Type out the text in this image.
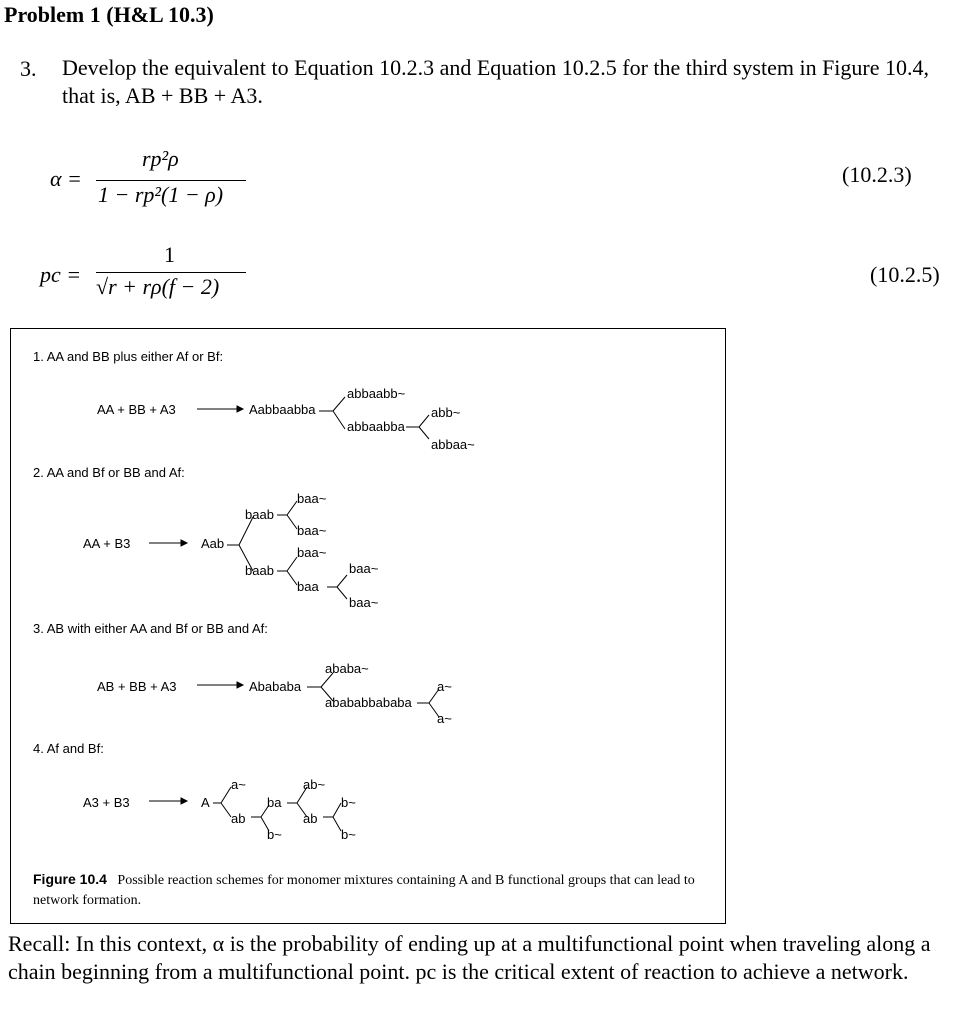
Problem 1 (H&L 10.3)
3. Develop the equivalent to Equation 10.2.3 and Equation 10.2.5 for the third system in Figure 10.4, that is, AB + BB + A3.
α =
rp²ρ
1 − rp²(1 − ρ)
(10.2.3)
pc =
1
√r + rρ(f − 2)	(10.2.5)
1. AA and BB plus either Af or Bf:
AA + BB + A3	Aabbaabba
abbaabb~
abbaabba
abb~
abbaa~
2. AA and Bf or BB and Af:
AA + B3	Aab
baab
baab
baa~
baa~
baa~
baa
baa~
baa~
3. AB with either AA and Bf or BB and Af:
AB + BB + A3	Abababa
ababa~
abababbababa
a~
a~
4. Af and Bf:
A3 + B3	A
a~
ab
ba
b~
ab~
ab
b~
b~
Figure 10.4 Possible reaction schemes for monomer mixtures containing A and B functional groups that can lead to network formation.
Recall: In this context, α is the probability of ending up at a multifunctional point when traveling along a chain beginning from a multifunctional point. pc is the critical extent of reaction to achieve a network.
